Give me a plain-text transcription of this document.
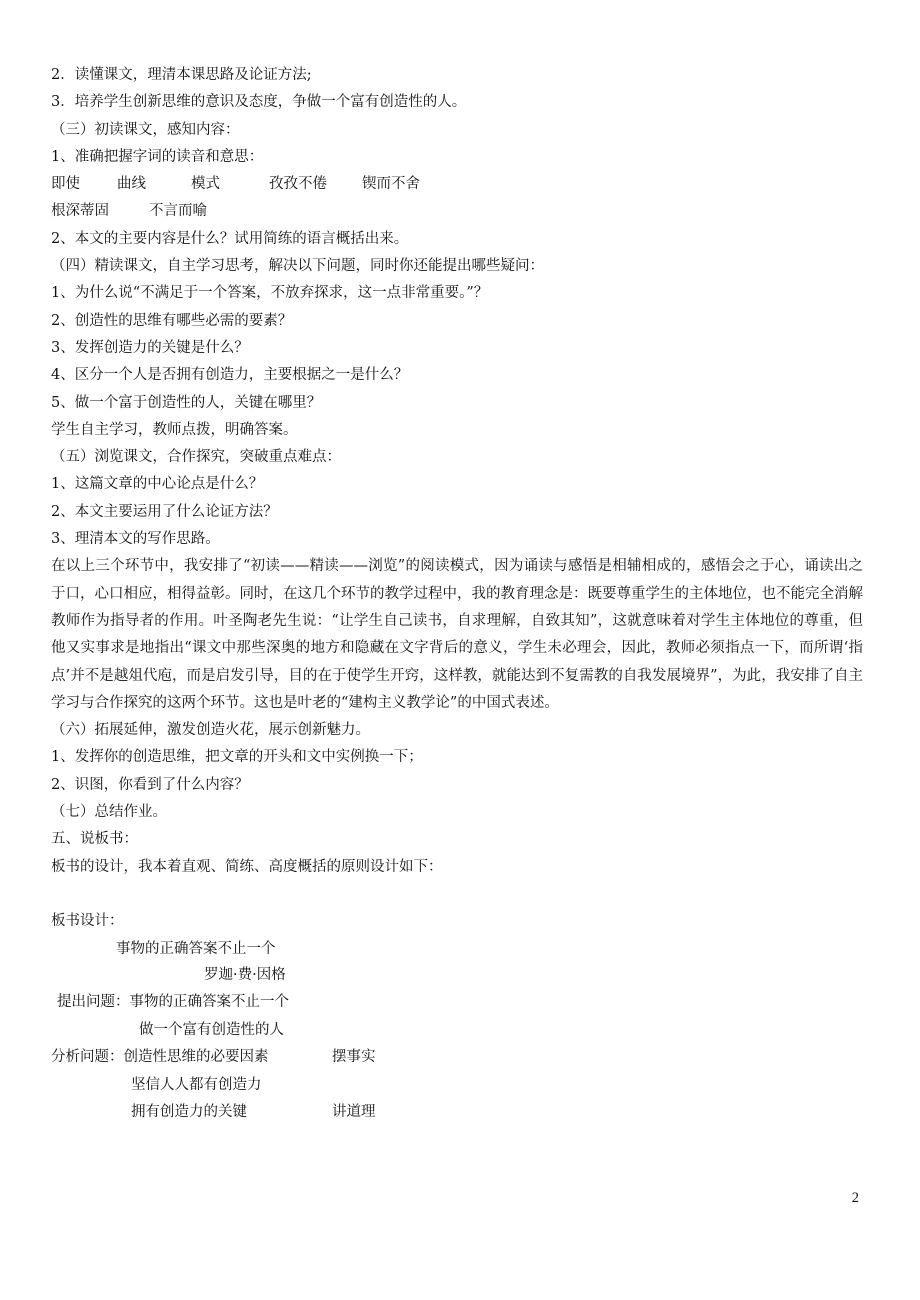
2．读懂课文，理清本课思路及论证方法;
3．培养学生创新思维的意识及态度，争做一个富有创造性的人。
（三）初读课文，感知内容：
1、准确把握字词的读音和意思：
即使	曲线	模式	孜孜不倦	锲而不舍
根深蒂固	不言而喻
2、本文的主要内容是什么？试用简练的语言概括出来。
（四）精读课文，自主学习思考，解决以下问题，同时你还能提出哪些疑问：
1、为什么说“不满足于一个答案，不放弃探求，这一点非常重要。”？
2、创造性的思维有哪些必需的要素？
3、发挥创造力的关键是什么？
4、区分一个人是否拥有创造力，主要根据之一是什么？
5、做一个富于创造性的人，关键在哪里？
学生自主学习，教师点拨，明确答案。
（五）浏览课文，合作探究，突破重点难点：
1、这篇文章的中心论点是什么？
2、本文主要运用了什么论证方法？
3、理清本文的写作思路。
在以上三个环节中，我安排了“初读——精读——浏览”的阅读模式，因为诵读与感悟是相辅相成的，感悟会之于心，诵读出之于口，心口相应，相得益彰。同时，在这几个环节的教学过程中，我的教育理念是：既要尊重学生的主体地位，也不能完全消解教师作为指导者的作用。叶圣陶老先生说：“让学生自己读书，自求理解，自致其知”，这就意味着对学生主体地位的尊重，但他又实事求是地指出“课文中那些深奥的地方和隐藏在文字背后的意义，学生未必理会，因此，教师必须指点一下，而所谓‘指点’并不是越俎代庖，而是启发引导，目的在于使学生开窍，这样教，就能达到不复需教的自我发展境界”，为此，我安排了自主学习与合作探究的这两个环节。这也是叶老的“建构主义教学论”的中国式表述。
（六）拓展延伸，激发创造火花，展示创新魅力。
1、发挥你的创造思维，把文章的开头和文中实例换一下；
2、识图，你看到了什么内容？
（七）总结作业。
五、说板书：
板书的设计，我本着直观、简练、高度概括的原则设计如下：
板书设计：
事物的正确答案不止一个
罗迦·费·因格
提出问题：事物的正确答案不止一个
做一个富有创造性的人
分析问题：创造性思维的必要因素	摆事实
坚信人人都有创造力
拥有创造力的关键	讲道理
2
